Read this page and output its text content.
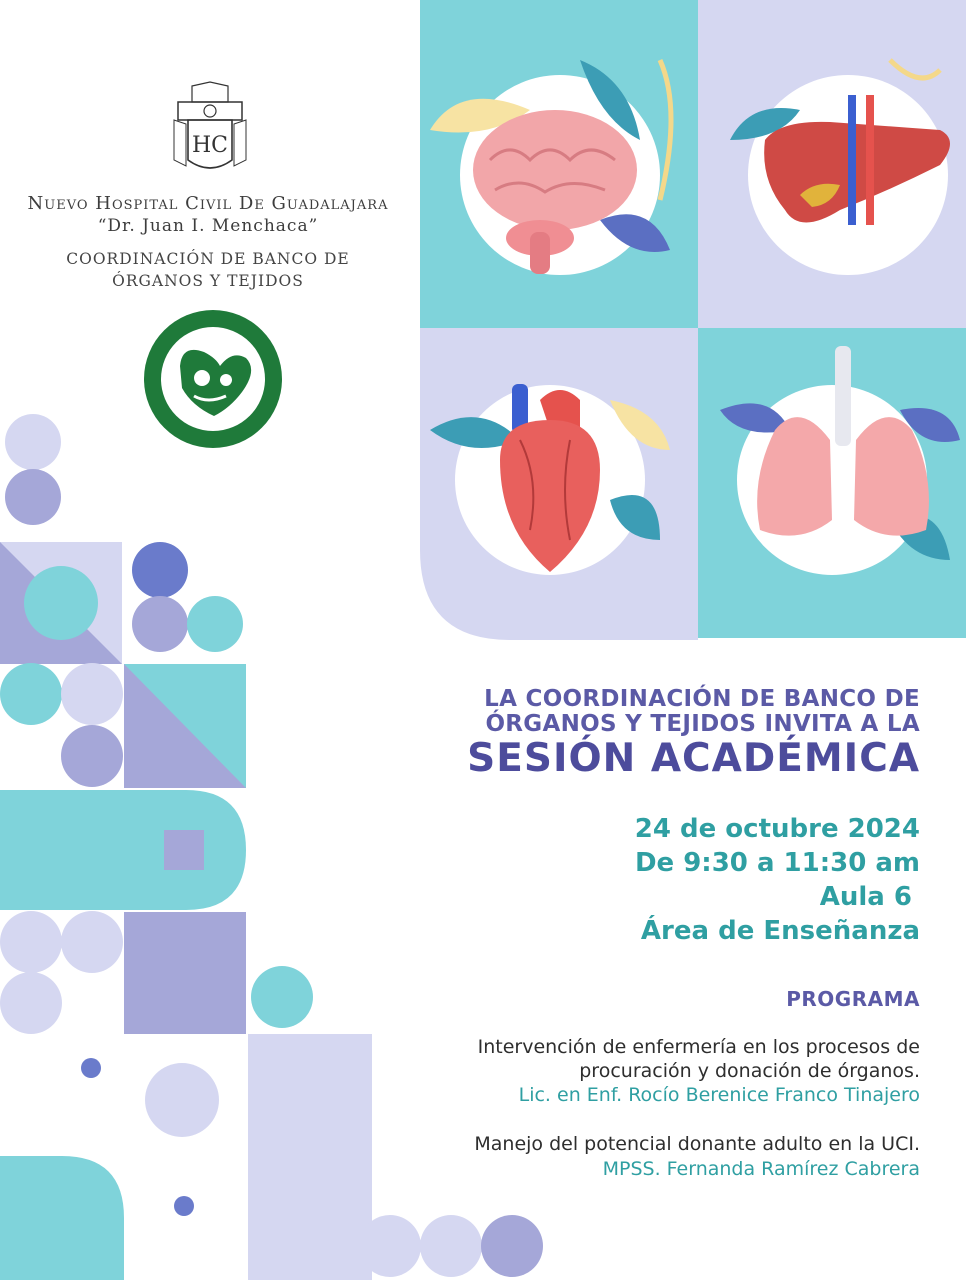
HC
Nuevo Hospital Civil De Guadalajara
“Dr. Juan I. Menchaca”
COORDINACIÓN DE BANCO DE
ÓRGANOS Y TEJIDOS
LA COORDINACIÓN DE BANCO DE
ÓRGANOS Y TEJIDOS INVITA A LA
SESIÓN ACADÉMICA
24 de octubre 2024
De 9:30 a 11:30 am
Aula 6
Área de Enseñanza
PROGRAMA
Intervención de enfermería en los procesos de
procuración y donación de órganos.
Lic. en Enf. Rocío Berenice Franco Tinajero
Manejo del potencial donante adulto en la UCI.
MPSS. Fernanda Ramírez Cabrera
